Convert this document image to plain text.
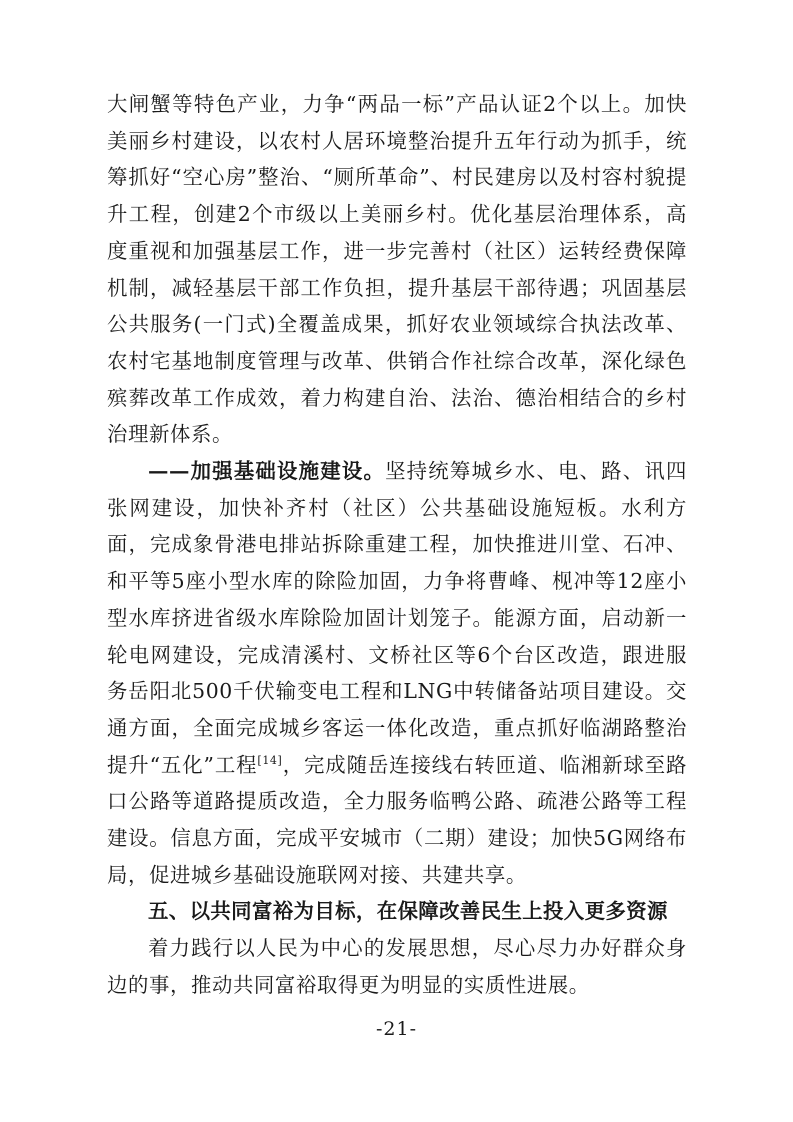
大闸蟹等特色产业，力争“两品一标”产品认证2个以上。加快美丽乡村建设，以农村人居环境整治提升五年行动为抓手，统筹抓好“空心房”整治、“厕所革命”、村民建房以及村容村貌提升工程，创建2个市级以上美丽乡村。优化基层治理体系，高度重视和加强基层工作，进一步完善村（社区）运转经费保障机制，减轻基层干部工作负担，提升基层干部待遇；巩固基层公共服务(一门式)全覆盖成果，抓好农业领域综合执法改革、农村宅基地制度管理与改革、供销合作社综合改革，深化绿色殡葬改革工作成效，着力构建自治、法治、德治相结合的乡村治理新体系。

——加强基础设施建设。坚持统筹城乡水、电、路、讯四张网建设，加快补齐村（社区）公共基础设施短板。水利方面，完成象骨港电排站拆除重建工程，加快推进川堂、石冲、和平等5座小型水库的除险加固，力争将曹峰、枧冲等12座小型水库挤进省级水库除险加固计划笼子。能源方面，启动新一轮电网建设，完成清溪村、文桥社区等6个台区改造，跟进服务岳阳北500千伏输变电工程和LNG中转储备站项目建设。交通方面，全面完成城乡客运一体化改造，重点抓好临湖路整治提升“五化”工程[14]，完成随岳连接线右转匝道、临湘新球至路口公路等道路提质改造，全力服务临鸭公路、疏港公路等工程建设。信息方面，完成平安城市（二期）建设；加快5G网络布局，促进城乡基础设施联网对接、共建共享。

五、以共同富裕为目标，在保障改善民生上投入更多资源

着力践行以人民为中心的发展思想，尽心尽力办好群众身边的事，推动共同富裕取得更为明显的实质性进展。

-21-
